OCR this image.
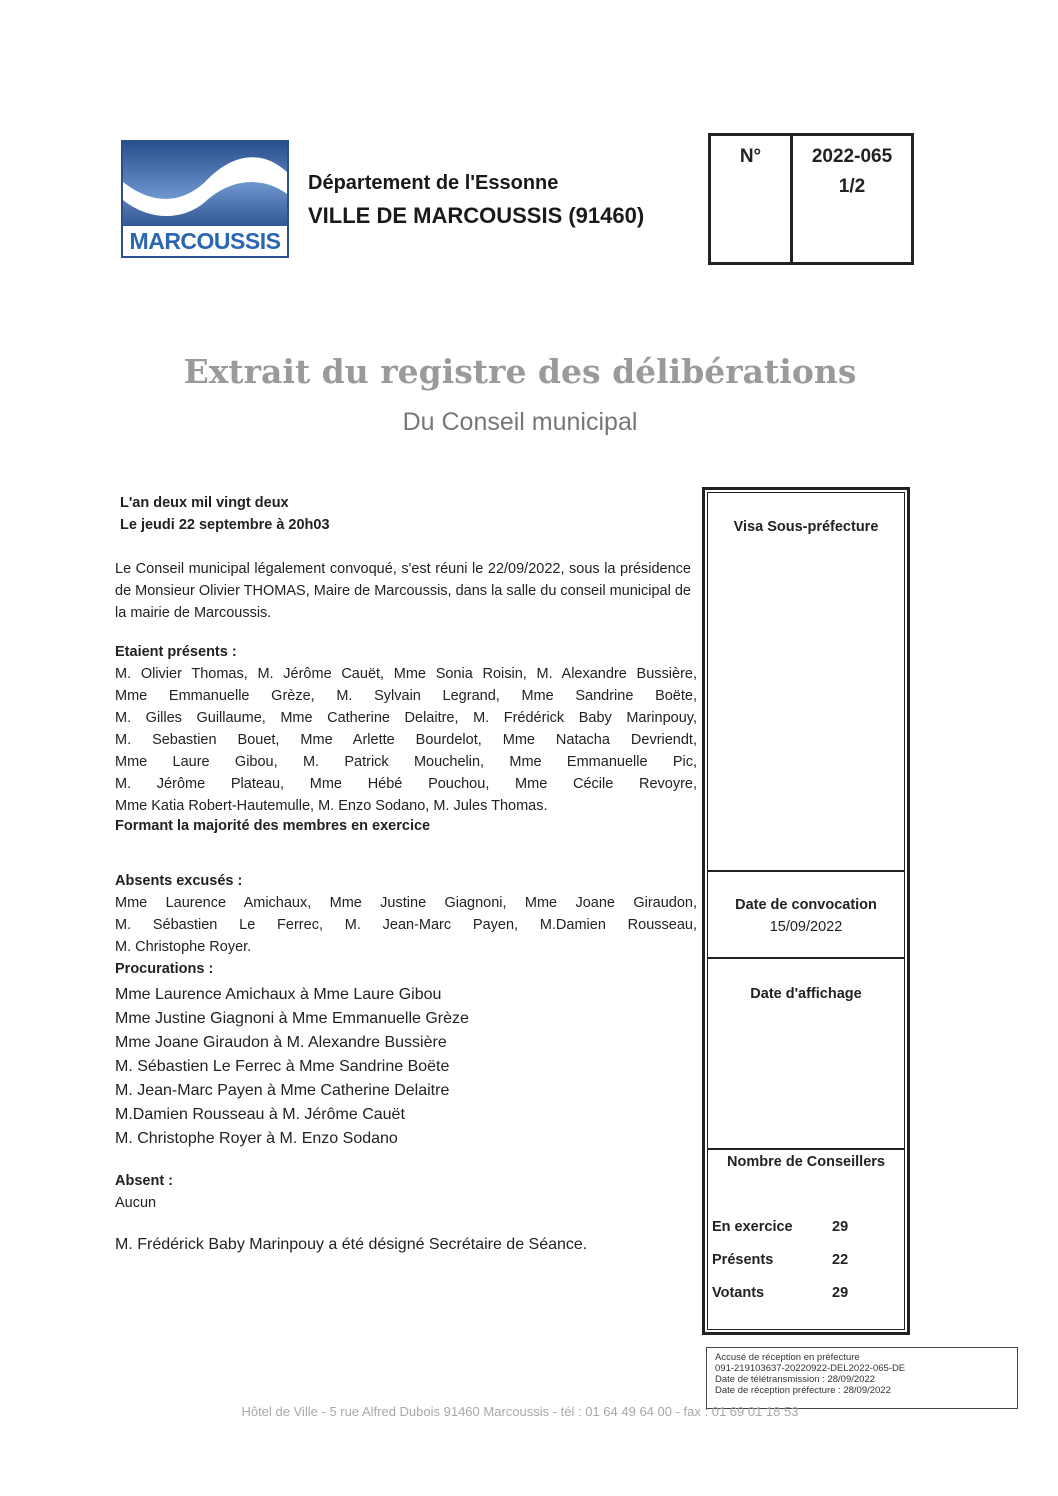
MARCOUSSIS
Département de l'Essonne
VILLE DE MARCOUSSIS (91460)
N°	2022-065
1/2
Extrait du registre des délibérations
Du Conseil municipal
L'an deux mil vingt deux
Le jeudi 22 septembre à 20h03
Le Conseil municipal légalement convoqué, s'est réuni le 22/09/2022, sous la présidence de Monsieur Olivier THOMAS, Maire de Marcoussis, dans la salle du conseil municipal de la mairie de Marcoussis.
Etaient présents :
M. Olivier Thomas, M. Jérôme Cauët, Mme Sonia Roisin, M. Alexandre Bussière,
Mme Emmanuelle Grèze, M. Sylvain Legrand, Mme Sandrine Boëte,
M. Gilles Guillaume, Mme Catherine Delaitre, M. Frédérick Baby Marinpouy,
M. Sebastien Bouet, Mme Arlette Bourdelot, Mme Natacha Devriendt,
Mme Laure Gibou, M. Patrick Mouchelin, Mme Emmanuelle Pic,
M. Jérôme Plateau, Mme Hébé Pouchou, Mme Cécile Revoyre,
Mme Katia Robert-Hautemulle, M. Enzo Sodano, M. Jules Thomas.
Formant la majorité des membres en exercice
Absents excusés :
Mme Laurence Amichaux, Mme Justine Giagnoni, Mme Joane Giraudon,
M. Sébastien Le Ferrec, M. Jean-Marc Payen, M.Damien Rousseau,
M. Christophe Royer.
Procurations :
Mme Laurence Amichaux à Mme Laure Gibou
Mme Justine Giagnoni à Mme Emmanuelle Grèze
Mme Joane Giraudon à M. Alexandre Bussière
M. Sébastien Le Ferrec à Mme Sandrine Boëte
M. Jean-Marc Payen à Mme Catherine Delaitre
M.Damien Rousseau à M. Jérôme Cauët
M. Christophe Royer à M. Enzo Sodano
Absent :
Aucun
M. Frédérick Baby Marinpouy a été désigné Secrétaire de Séance.
Visa Sous-préfecture
Date de convocation
15/09/2022
Date d'affichage
Nombre de Conseillers
En exercice	29
Présents	22
Votants	29
Accusé de réception en préfecture
091-219103637-20220922-DEL2022-065-DE
Date de télétransmission : 28/09/2022
Date de réception préfecture : 28/09/2022
Hôtel de Ville - 5 rue Alfred Dubois 91460 Marcoussis - tél : 01 64 49 64 00 - fax : 01 69 01 18 53
